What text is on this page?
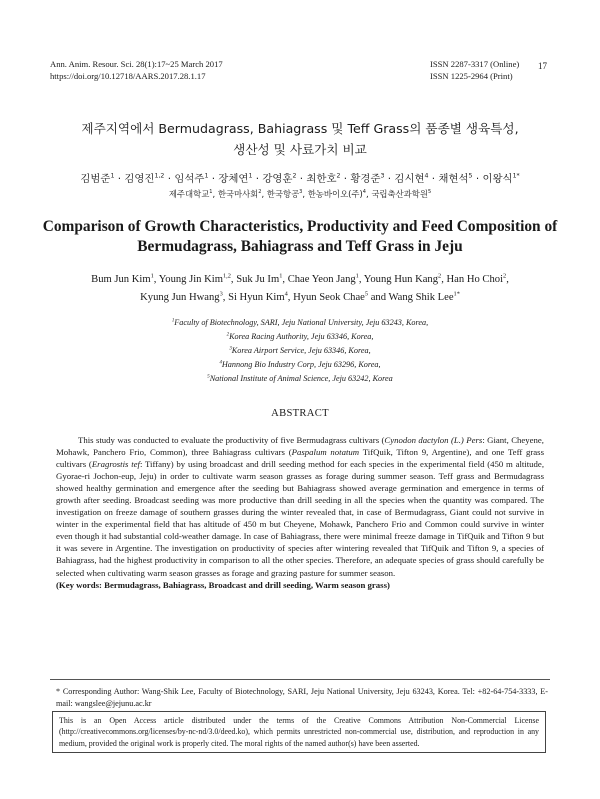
Ann. Anim. Resour. Sci. 28(1):17~25 March 2017
https://doi.org/10.12718/AARS.2017.28.1.17
ISSN 2287-3317 (Online)
ISSN 1225-2964 (Print)
17
제주지역에서 Bermudagrass, Bahiagrass 및 Teff Grass의 품종별 생육특성,
생산성 및 사료가치 비교
김범준$^1$ · 김영진$^{1,2}$ · 임석주$^1$ · 장체연$^1$ · 강영훈$^2$ · 최한호$^2$ · 황경준$^3$ · 김시현$^4$ · 채현석$^5$ · 이왕식$^{1*}$
제주대학교$^1$, 한국마사회$^2$, 한국항공$^3$, 한농바이오(주)$^4$, 국립축산과학원$^5$
Comparison of Growth Characteristics, Productivity and Feed Composition of
Bermudagrass, Bahiagrass and Teff Grass in Jeju
Bum Jun Kim$^1$, Young Jin Kim$^{1,2}$, Suk Ju Im$^1$, Chae Yeon Jang$^1$, Young Hun Kang$^2$, Han Ho Choi$^2$,
Kyung Jun Hwang$^3$, Si Hyun Kim$^4$, Hyun Seok Chae$^5$ and Wang Shik Lee$^{1*}$
$^1$Faculty of Biotechnology, SARI, Jeju National University, Jeju 63243, Korea,
$^2$Korea Racing Authority, Jeju 63346, Korea,
$^3$Korea Airport Service, Jeju 63346, Korea,
$^4$Hannong Bio Industry Corp, Jeju 63296, Korea,
$^5$National Institute of Animal Science, Jeju 63242, Korea
ABSTRACT
This study was conducted to evaluate the productivity of five Bermudagrass cultivars (Cynodon dactylon (L.) Pers: Giant, Cheyene, Mohawk, Panchero Frio, Common), three Bahiagrass cultivars (Paspalum notatum TifQuik, Tifton 9, Argentine), and one Teff grass cultivars (Eragrostis tef: Tiffany) by using broadcast and drill seeding method for each species in the experimental field (450 m altitude, Gyorae-ri Jochon-eup, Jeju) in order to cultivate warm season grasses as forage during summer season. Teff grass and Bermudagrass showed healthy germination and emergence after the seeding but Bahiagrass showed average germination and emergence in terms of growth after seeding. Broadcast seeding was more productive than drill seeding in all the species when the quantity was compared. The investigation on freeze damage of southern grasses during the winter revealed that, in case of Bermudagrass, Giant could not survive in winter in the experimental field that has altitude of 450 m but Cheyene, Mohawk, Panchero Frio and Common could survive in winter even though it had substantial cold-weather damage. In case of Bahiagrass, there were minimal freeze damage in TifQuik and Tifton 9 but it was severe in Argentine. The investigation on productivity of species after wintering revealed that TifQuik and Tifton 9, a species of Bahiagrass, had the highest productivity in comparison to all the other species. Therefore, an adequate species of grass should carefully be selected when cultivating warm season grasses as forage and grazing pasture for summer season.
(Key words: Bermudagrass, Bahiagrass, Broadcast and drill seeding, Warm season grass)
* Corresponding Author: Wang-Shik Lee, Faculty of Biotechnology, SARI, Jeju National University, Jeju 63243, Korea. Tel: +82-64-754-3333, E-mail: wangslee@jejunu.ac.kr
This is an Open Access article distributed under the terms of the Creative Commons Attribution Non-Commercial License (http://creativecommons.org/licenses/by-nc-nd/3.0/deed.ko), which permits unrestricted non-commercial use, distribution, and reproduction in any medium, provided the original work is properly cited. The moral rights of the named author(s) have been asserted.
